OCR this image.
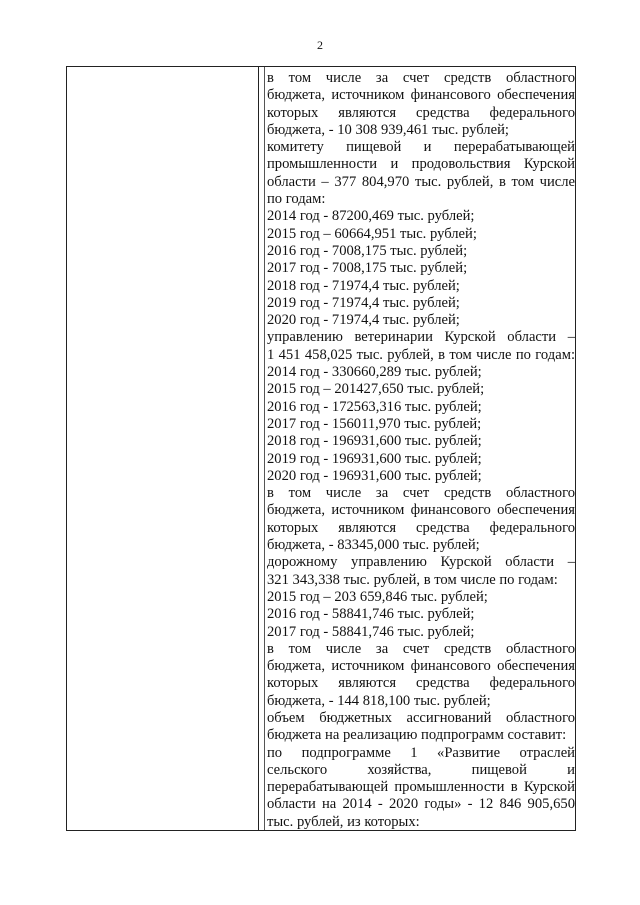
2
в том числе за счет средств областного
бюджета, источником финансового обеспечения
которых являются средства федерального
бюджета, - 10 308 939,461 тыс. рублей;
комитету пищевой и перерабатывающей
промышленности и продовольствия Курской
области – 377 804,970 тыс. рублей, в том числе
по годам:
2014 год - 87200,469 тыс. рублей;
2015 год – 60664,951 тыс. рублей;
2016 год - 7008,175 тыс. рублей;
2017 год - 7008,175 тыс. рублей;
2018 год - 71974,4 тыс. рублей;
2019 год - 71974,4 тыс. рублей;
2020 год - 71974,4 тыс. рублей;
управлению ветеринарии Курской области –
1 451 458,025 тыс. рублей, в том числе по годам:
2014 год - 330660,289 тыс. рублей;
2015 год – 201427,650 тыс. рублей;
2016 год - 172563,316 тыс. рублей;
2017 год - 156011,970 тыс. рублей;
2018 год - 196931,600 тыс. рублей;
2019 год - 196931,600 тыс. рублей;
2020 год - 196931,600 тыс. рублей;
в том числе за счет средств областного
бюджета, источником финансового обеспечения
которых являются средства федерального
бюджета, - 83345,000 тыс. рублей;
дорожному управлению Курской области –
321 343,338 тыс. рублей, в том числе по годам:
2015 год – 203 659,846 тыс. рублей;
2016 год - 58841,746 тыс. рублей;
2017 год - 58841,746 тыс. рублей;
в том числе за счет средств областного
бюджета, источником финансового обеспечения
которых являются средства федерального
бюджета, - 144 818,100 тыс. рублей;
объем бюджетных ассигнований областного
бюджета на реализацию подпрограмм составит:
по подпрограмме 1 «Развитие отраслей
сельского хозяйства, пищевой и
перерабатывающей промышленности в Курской
области на 2014 - 2020 годы» - 12 846 905,650
тыс. рублей, из которых:
